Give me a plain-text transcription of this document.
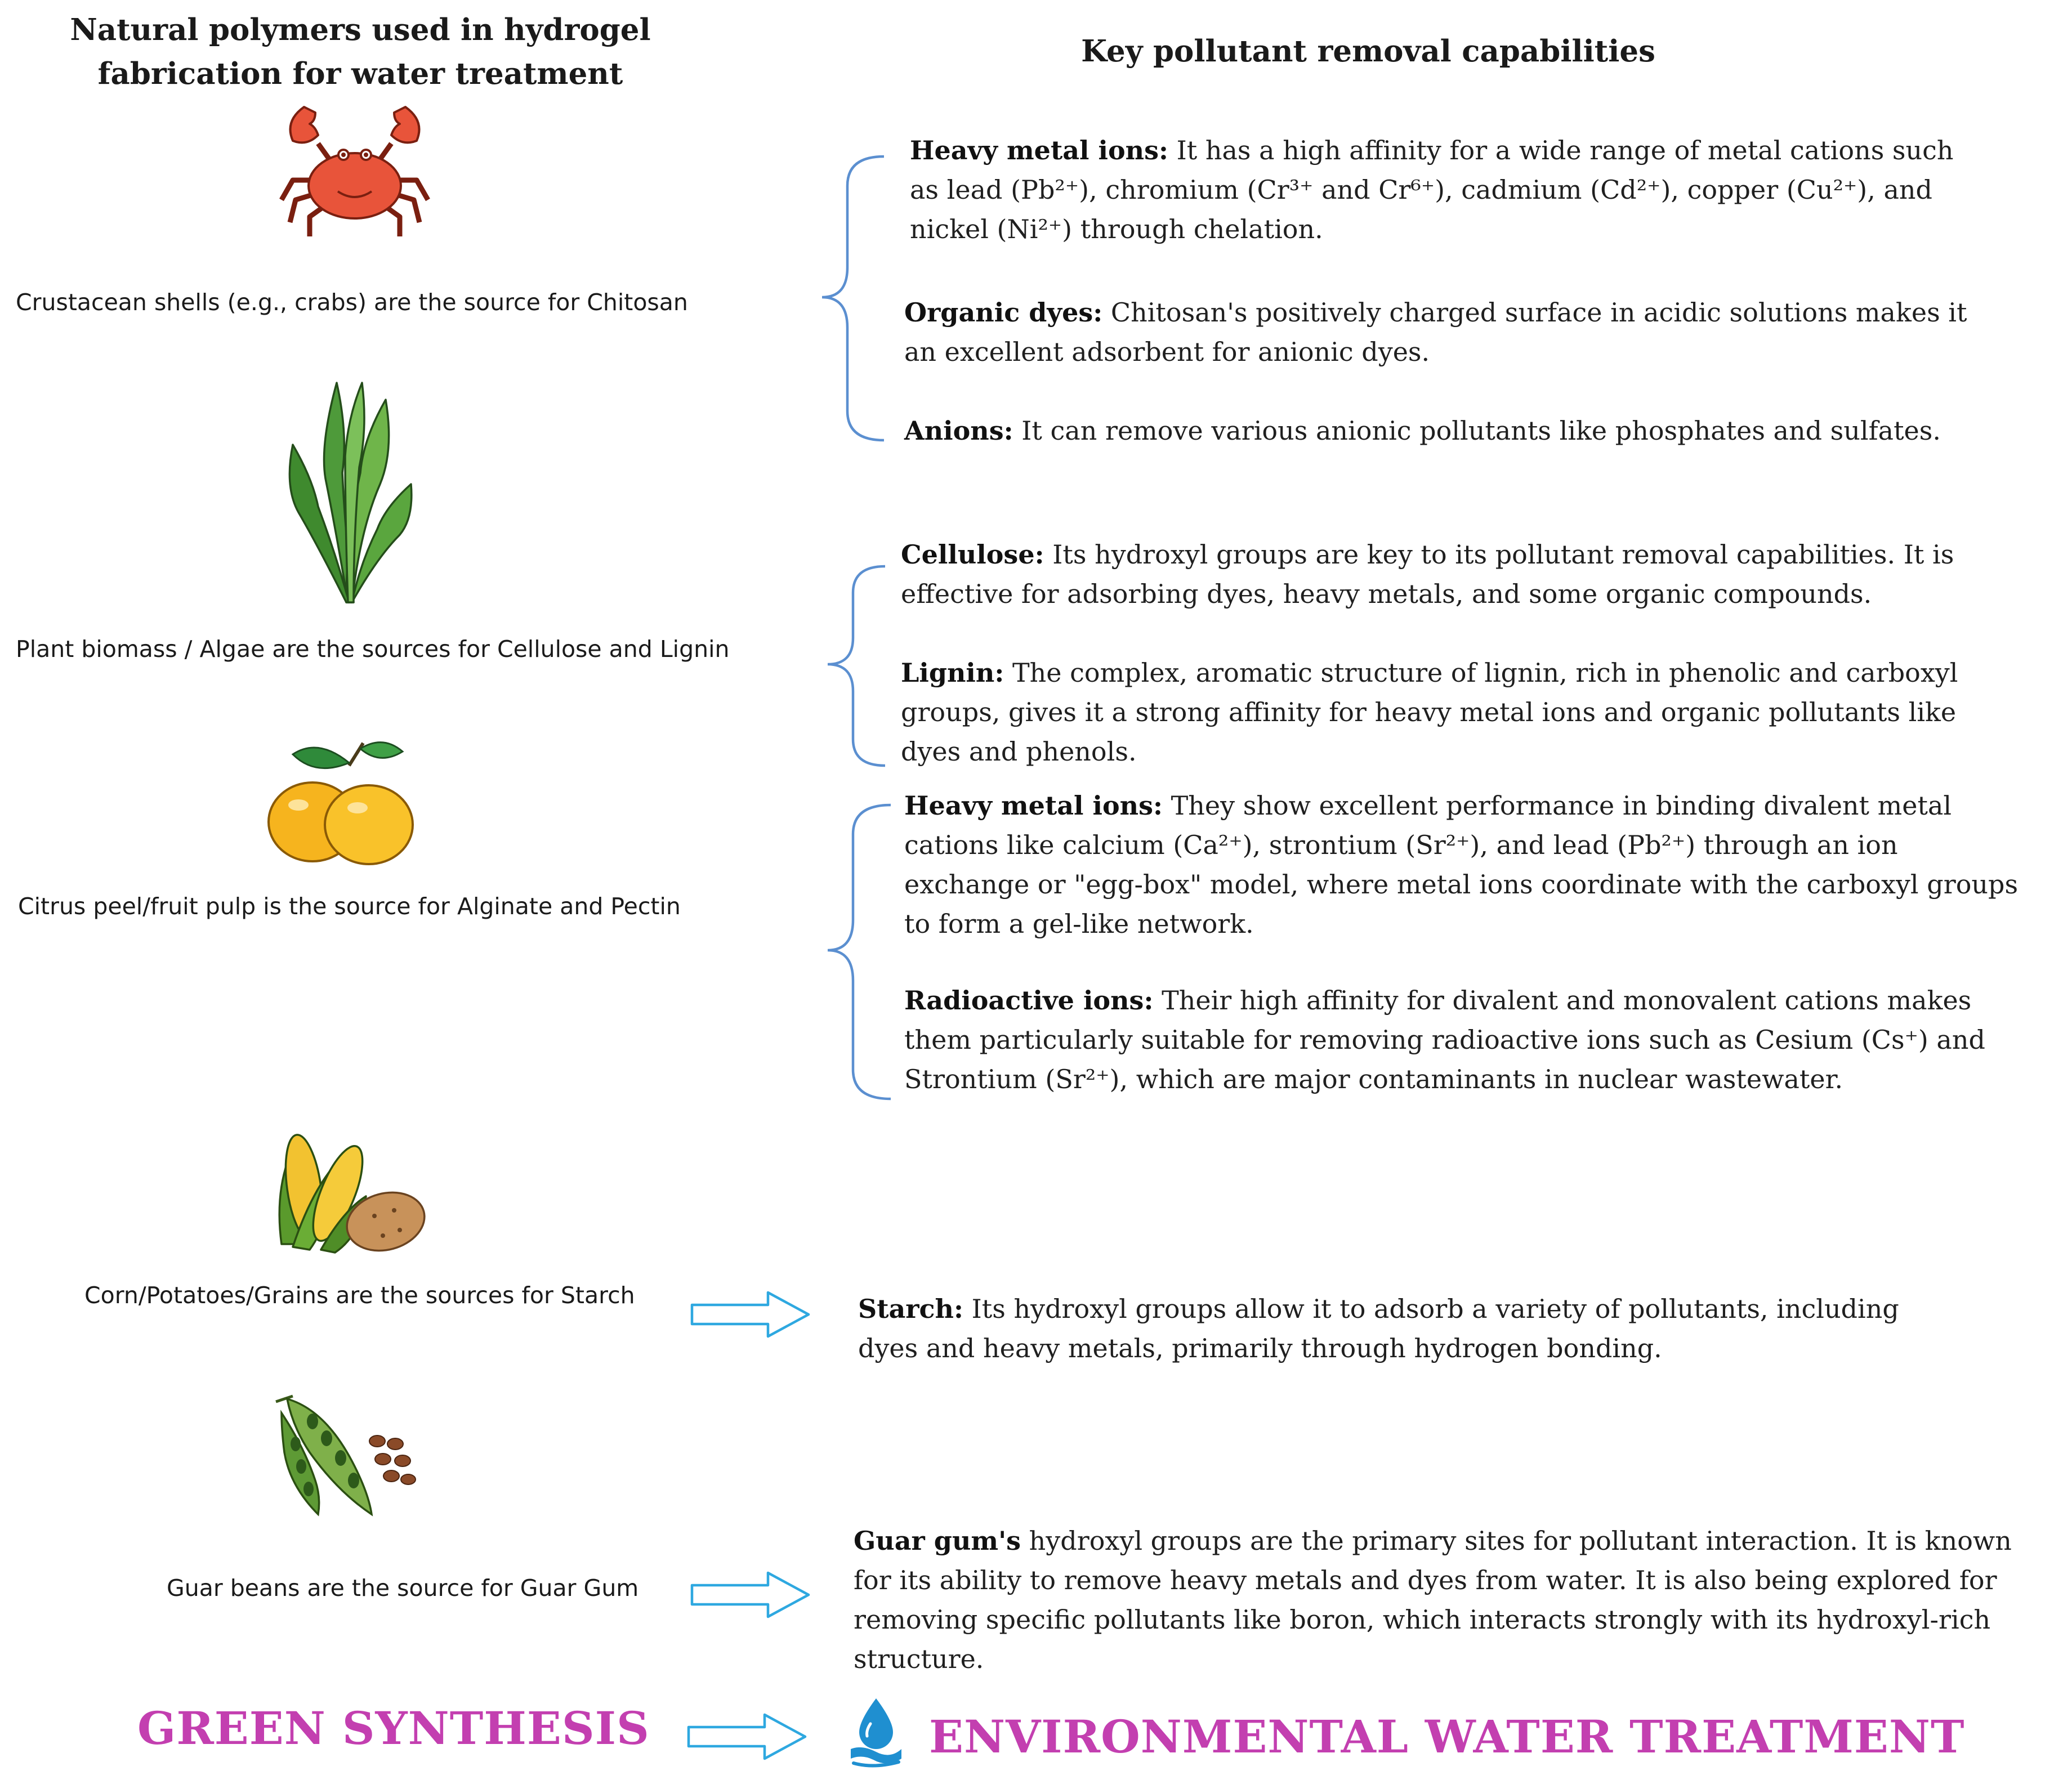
Natural polymers used in hydrogel
fabrication for water treatment
Key pollutant removal capabilities
Crustacean shells (e.g., crabs) are the source for Chitosan
Plant biomass / Algae are the sources for Cellulose and Lignin
Citrus peel/fruit pulp is the source for Alginate and Pectin
Corn/Potatoes/Grains are the sources for Starch
Guar beans are the source for Guar Gum
Heavy metal ions: It has a high affinity for a wide range of metal cations such as lead (Pb²⁺), chromium (Cr³⁺ and Cr⁶⁺), cadmium (Cd²⁺), copper (Cu²⁺), and nickel (Ni²⁺) through chelation.
Organic dyes: Chitosan's positively charged surface in acidic solutions makes it an excellent adsorbent for anionic dyes.
Anions: It can remove various anionic pollutants like phosphates and sulfates.
Cellulose: Its hydroxyl groups are key to its pollutant removal capabilities. It is effective for adsorbing dyes, heavy metals, and some organic compounds.
Lignin: The complex, aromatic structure of lignin, rich in phenolic and carboxyl groups, gives it a strong affinity for heavy metal ions and organic pollutants like dyes and phenols.
Heavy metal ions: They show excellent performance in binding divalent metal cations like calcium (Ca²⁺), strontium (Sr²⁺), and lead (Pb²⁺) through an ion exchange or "egg-box" model, where metal ions coordinate with the carboxyl groups to form a gel-like network.
Radioactive ions: Their high affinity for divalent and monovalent cations makes them particularly suitable for removing radioactive ions such as Cesium (Cs⁺) and Strontium (Sr²⁺), which are major contaminants in nuclear wastewater.
Starch: Its hydroxyl groups allow it to adsorb a variety of pollutants, including dyes and heavy metals, primarily through hydrogen bonding.
Guar gum's hydroxyl groups are the primary sites for pollutant interaction. It is known for its ability to remove heavy metals and dyes from water. It is also being explored for removing specific pollutants like boron, which interacts strongly with its hydroxyl-rich structure.
GREEN SYNTHESIS	ENVIRONMENTAL WATER TREATMENT
